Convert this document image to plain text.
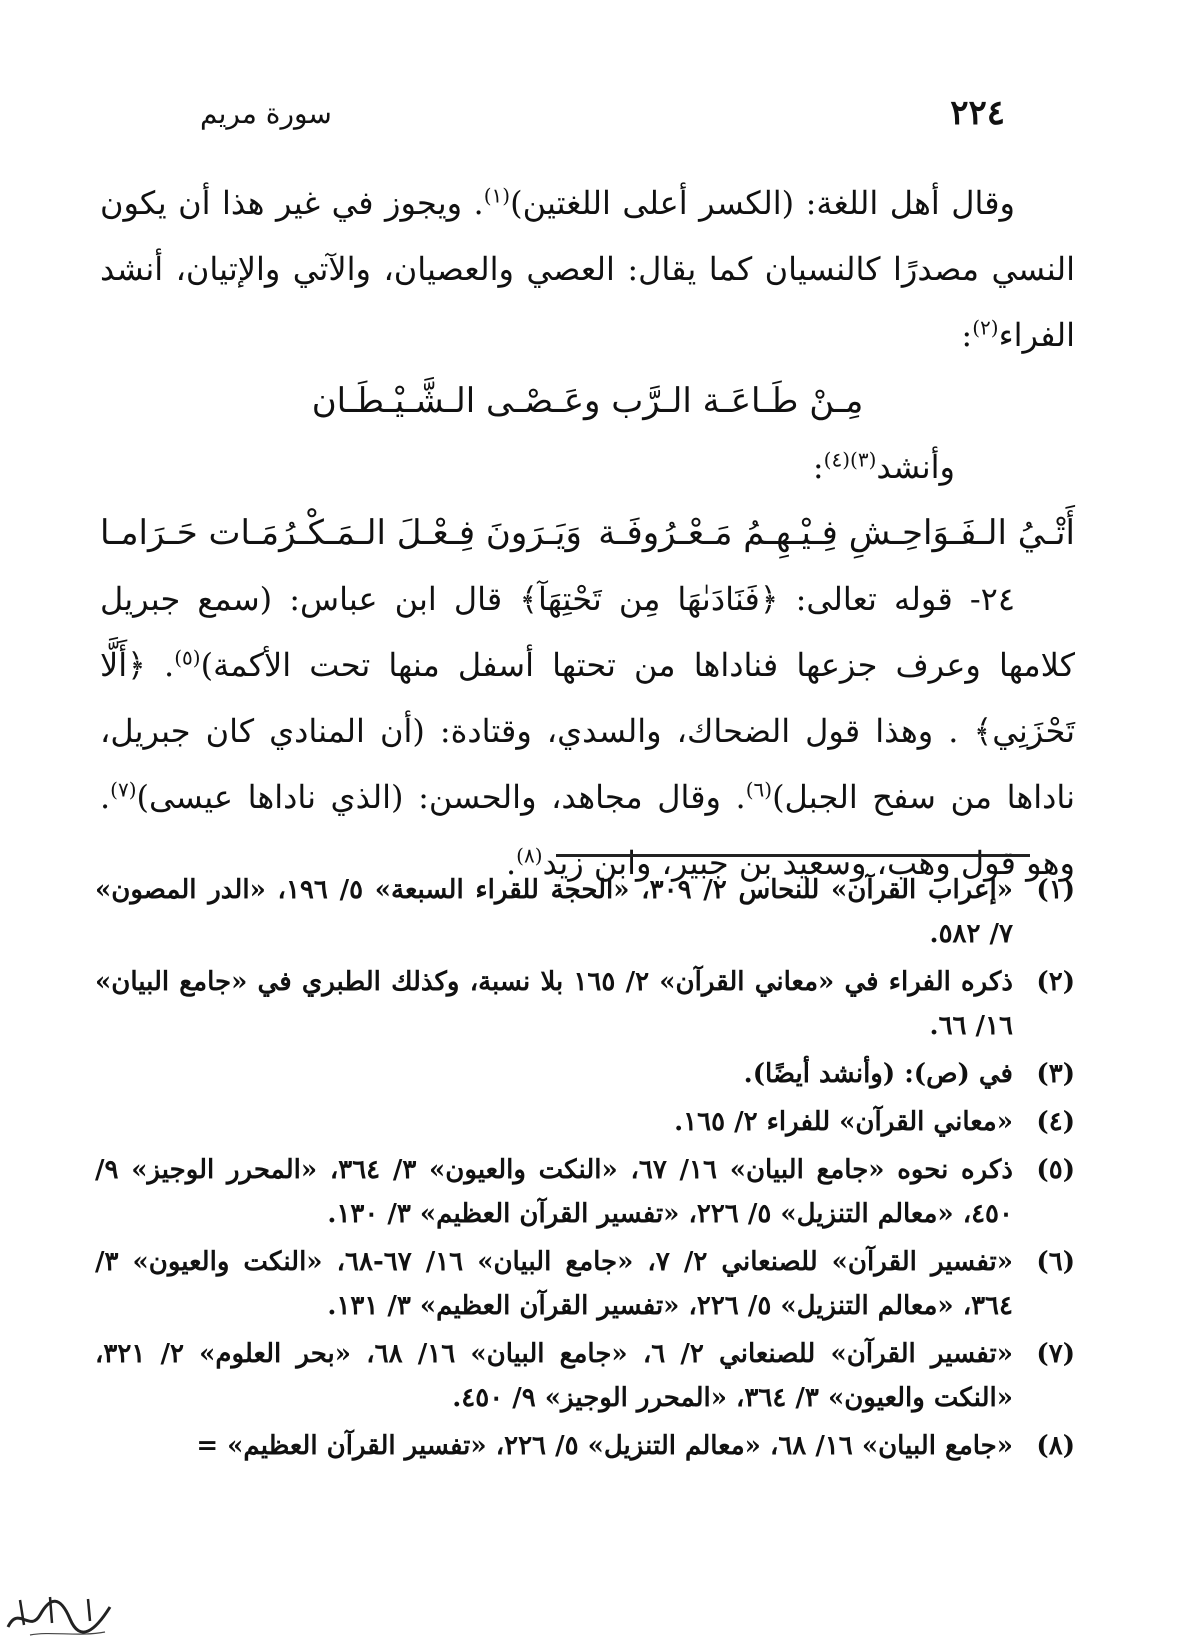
٢٢٤
سورة مريم

وقال أهل اللغة: (الكسر أعلى اللغتين)$^{(١)}$. ويجوز في غير هذا أن يكون النسي مصدرًا كالنسيان كما يقال: العصي والعصيان، والآتي والإتيان، أنشد الفراء$^{(٢)}$:

مِـنْ طَـاعَـة الـرَّب وعَـصْـى الـشَّـيْـطَـان

وأنشد$^{(٣)(٤)}$:

أَتْـيُ الـفَـوَاحِـشِ فِـيْـهِـمُ مَـعْـرُوفَـة
وَيَـرَونَ فِـعْـلَ الـمَـكْـرُمَـات حَـرَامـا

٢٤- قوله تعالى: ﴿فَنَادَىٰهَا مِن تَحْتِهَآ﴾ قال ابن عباس: (سمع جبريل كلامها وعرف جزعها فناداها من تحتها أسفل منها تحت الأكمة)$^{(٥)}$. ﴿أَلَّا تَحْزَنِي﴾ . وهذا قول الضحاك، والسدي، وقتادة: (أن المنادي كان جبريل، ناداها من سفح الجبل)$^{(٦)}$. وقال مجاهد، والحسن: (الذي ناداها عيسى)$^{(٧)}$. وهو قول وهب، وسعيد بن جبير، وابن زيد$^{(٨)}$.

(١)
«إعراب القرآن» للنحاس ٢/ ٣٠٩، «الحجة للقراء السبعة» ٥/ ١٩٦، «الدر المصون» ٧/ ٥٨٢.
(٢)
ذكره الفراء في «معاني القرآن» ٢/ ١٦٥ بلا نسبة، وكذلك الطبري في «جامع البيان» ١٦/ ٦٦.
(٣)
في (ص): (وأنشد أيضًا).
(٤)
«معاني القرآن» للفراء ٢/ ١٦٥.
(٥)
ذكره نحوه «جامع البيان» ١٦/ ٦٧، «النكت والعيون» ٣/ ٣٦٤، «المحرر الوجيز» ٩/ ٤٥٠، «معالم التنزيل» ٥/ ٢٢٦، «تفسير القرآن العظيم» ٣/ ١٣٠.
(٦)
«تفسير القرآن» للصنعاني ٢/ ٧، «جامع البيان» ١٦/ ٦٧-٦٨، «النكت والعيون» ٣/ ٣٦٤، «معالم التنزيل» ٥/ ٢٢٦، «تفسير القرآن العظيم» ٣/ ١٣١.
(٧)
«تفسير القرآن» للصنعاني ٢/ ٦، «جامع البيان» ١٦/ ٦٨، «بحر العلوم» ٢/ ٣٢١، «النكت والعيون» ٣/ ٣٦٤، «المحرر الوجيز» ٩/ ٤٥٠.
(٨)
«جامع البيان» ١٦/ ٦٨، «معالم التنزيل» ٥/ ٢٢٦، «تفسير القرآن العظيم» =
